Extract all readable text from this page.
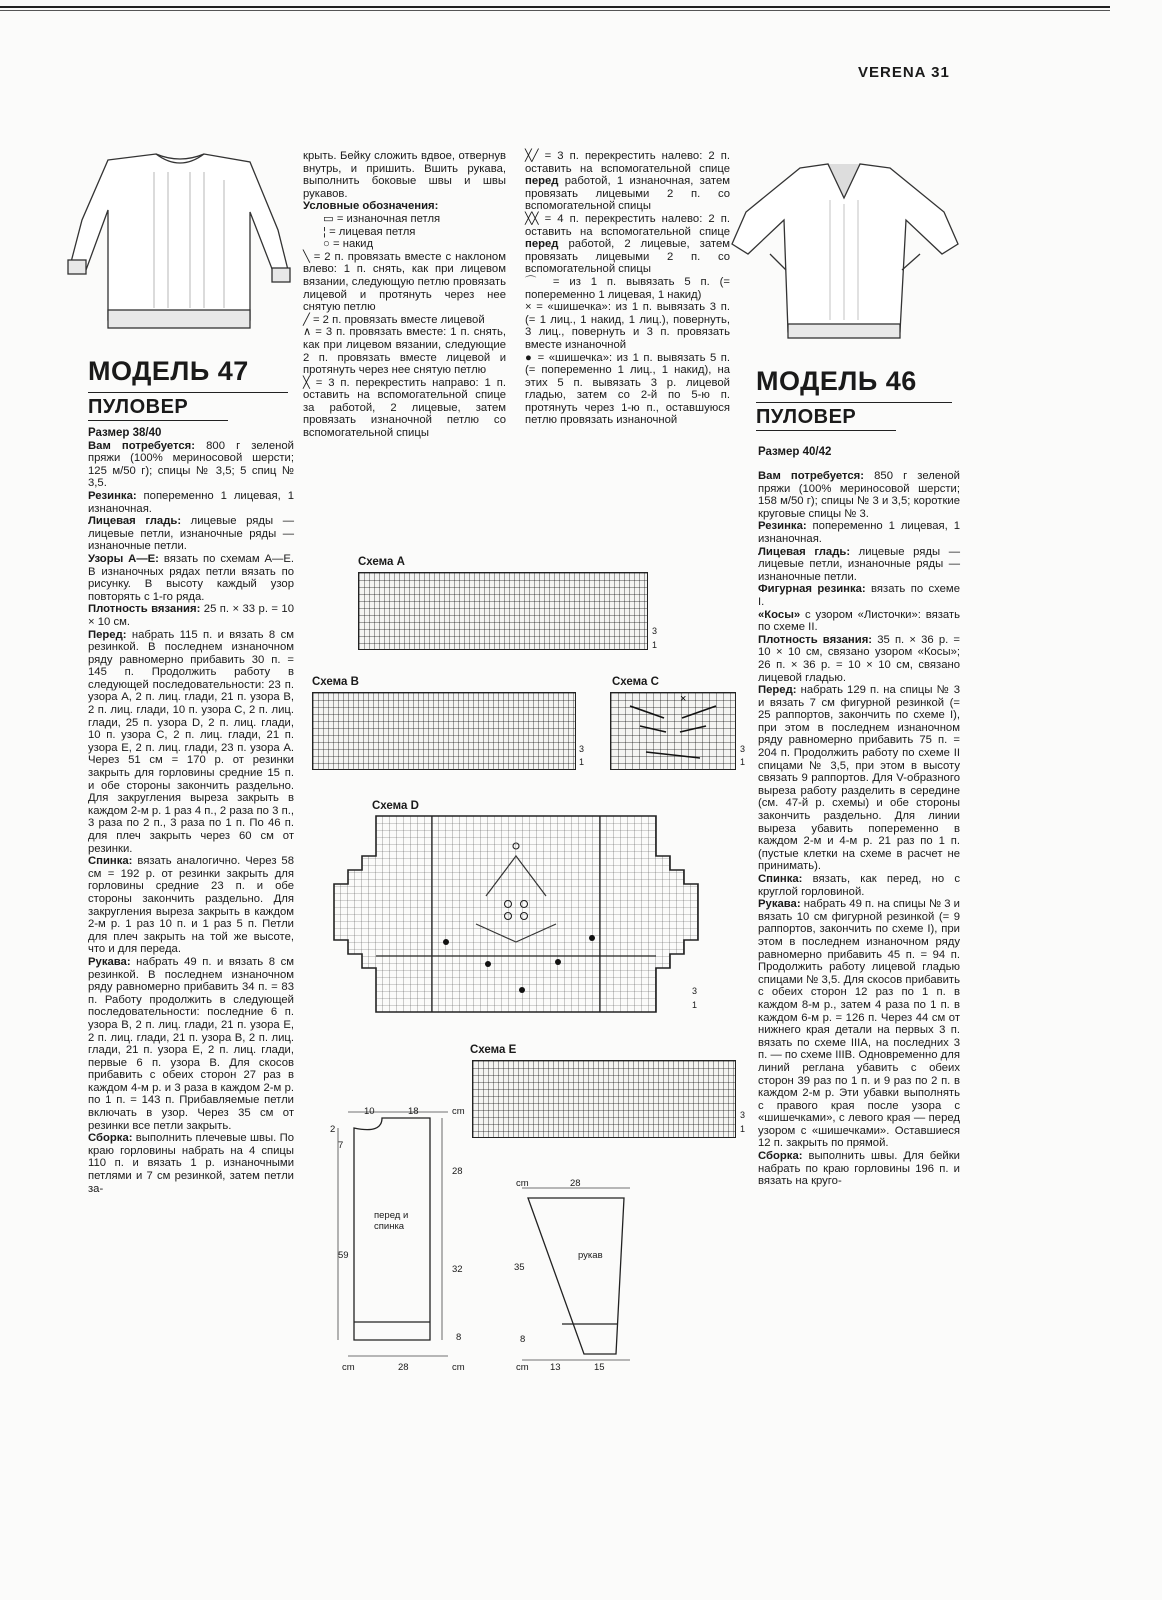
VERENA 31
МОДЕЛЬ 47
ПУЛОВЕР

Размер 38/40

Вам потребуется: 800 г зеленой пряжи (100% мериносовой шерсти; 125 м/50 г); спицы № 3,5; 5 спиц № 3,5.

Резинка: попеременно 1 лицевая, 1 изнаночная.

Лицевая гладь: лицевые ряды — лицевые петли, изнаночные ряды — изнаночные петли.

Узоры A—E: вязать по схемам A—E. В изнаночных рядах петли вязать по рисунку. В высоту каждый узор повторять с 1-го ряда.

Плотность вязания: 25 п. × 33 р. = 10 × 10 см.

Перед: набрать 115 п. и вязать 8 см резинкой. В последнем изнаночном ряду равномерно прибавить 30 п. = 145 п. Продолжить работу в следующей последовательности: 23 п. узора A, 2 п. лиц. глади, 21 п. узора B, 2 п. лиц. глади, 10 п. узора C, 2 п. лиц. глади, 25 п. узора D, 2 п. лиц. глади, 10 п. узора C, 2 п. лиц. глади, 21 п. узора E, 2 п. лиц. глади, 23 п. узора A. Через 51 см = 170 р. от резинки закрыть для горловины средние 15 п. и обе стороны закончить раздельно. Для закругления выреза закрыть в каждом 2-м р. 1 раз 4 п., 2 раза по 3 п., 3 раза по 2 п., 3 раза по 1 п. По 46 п. для плеч закрыть через 60 см от резинки.

Спинка: вязать аналогично. Через 58 см = 192 р. от резинки закрыть для горловины средние 23 п. и обе стороны закончить раздельно. Для закругления выреза закрыть в каждом 2-м р. 1 раз 10 п. и 1 раз 5 п. Петли для плеч закрыть на той же высоте, что и для переда.

Рукава: набрать 49 п. и вязать 8 см резинкой. В последнем изнаночном ряду равномерно прибавить 34 п. = 83 п. Работу продолжить в следующей последовательности: последние 6 п. узора B, 2 п. лиц. глади, 21 п. узора E, 2 п. лиц. глади, 21 п. узора B, 2 п. лиц. глади, 21 п. узора E, 2 п. лиц. глади, первые 6 п. узора B. Для скосов прибавить с обеих сторон 27 раз в каждом 4-м р. и 3 раза в каждом 2-м р. по 1 п. = 143 п. Прибавляемые петли включать в узор. Через 35 см от резинки все петли закрыть.

Сборка: выполнить плечевые швы. По краю горловины набрать на 4 спицы 110 п. и вязать 1 р. изнаночными петлями и 7 см резинкой, затем петли за-

крыть. Бейку сложить вдвое, отвернув внутрь, и пришить. Вшить рукава, выполнить боковые швы и швы рукавов.

Условные обозначения:

▭ = изнаночная петля

¦ = лицевая петля

○ = накид

╲ = 2 п. провязать вместе с наклоном влево: 1 п. снять, как при лицевом вязании, следующую петлю провязать лицевой и протянуть через нее снятую петлю

╱ = 2 п. провязать вместе лицевой

∧ = 3 п. провязать вместе: 1 п. снять, как при лицевом вязании, следующие 2 п. провязать вместе лицевой и протянуть через нее снятую петлю

╳ = 3 п. перекрестить направо: 1 п. оставить на вспомогательной спице за работой, 2 лицевые, затем провязать изнаночной петлю со вспомогательной спицы

╳╱ = 3 п. перекрестить налево: 2 п. оставить на вспомогательной спице перед работой, 1 изнаночная, затем провязать лицевыми 2 п. со вспомогательной спицы

╳╳ = 4 п. перекрестить налево: 2 п. оставить на вспомогательной спице перед работой, 2 лицевые, затем провязать лицевыми 2 п. со вспомогательной спицы

⌒ = из 1 п. вывязать 5 п. (= попеременно 1 лицевая, 1 накид)

× = «шишечка»: из 1 п. вывязать 3 п. (= 1 лиц., 1 накид, 1 лиц.), повернуть, 3 лиц., повернуть и 3 п. провязать вместе изнаночной

● = «шишечка»: из 1 п. вывязать 5 п. (= попеременно 1 лиц., 1 накид), на этих 5 п. вывязать 3 р. лицевой гладью, затем со 2-й по 5-ю п. протянуть через 1-ю п., оставшуюся петлю провязать изнаночной

МОДЕЛЬ 46
ПУЛОВЕР
Размер 40/42

Вам потребуется: 850 г зеленой пряжи (100% мериносовой шерсти; 158 м/50 г); спицы № 3 и 3,5; короткие круговые спицы № 3.

Резинка: попеременно 1 лицевая, 1 изнаночная.

Лицевая гладь: лицевые ряды — лицевые петли, изнаночные ряды — изнаночные петли.

Фигурная резинка: вязать по схеме I.

«Косы» с узором «Листочки»: вязать по схеме II.

Плотность вязания: 35 п. × 36 р. = 10 × 10 см, связано узором «Косы»; 26 п. × 36 р. = 10 × 10 см, связано лицевой гладью.

Перед: набрать 129 п. на спицы № 3 и вязать 7 см фигурной резинкой (= 25 раппортов, закончить по схеме I), при этом в последнем изнаночном ряду равномерно прибавить 75 п. = 204 п. Продолжить работу по схеме II спицами № 3,5, при этом в высоту связать 9 раппортов. Для V-образного выреза работу разделить в середине (см. 47-й р. схемы) и обе стороны закончить раздельно. Для линии выреза убавить попеременно в каждом 2-м и 4-м р. 21 раз по 1 п. (пустые клетки на схеме в расчет не принимать).

Спинка: вязать, как перед, но с круглой горловиной.

Рукава: набрать 49 п. на спицы № 3 и вязать 10 см фигурной резинкой (= 9 раппортов, закончить по схеме I), при этом в последнем изнаночном ряду равномерно прибавить 45 п. = 94 п. Продолжить работу лицевой гладью спицами № 3,5. Для скосов прибавить с обеих сторон 12 раз по 1 п. в каждом 8-м р., затем 4 раза по 1 п. в каждом 6-м р. = 126 п. Через 44 см от нижнего края детали на первых 3 п. вязать по схеме IIIA, на последних 3 п. — по схеме IIIB. Одновременно для линий реглана убавить с обеих сторон 39 раз по 1 п. и 9 раз по 2 п. в каждом 2-м р. Эти убавки выполнять с правого края после узора с «шишечками», с левого края — перед узором с «шишечками». Оставшиеся 12 п. закрыть по прямой.

Сборка: выполнить швы. Для бейки набрать по краю горловины 196 п. и вязать на круго-

Схема A
3
1
Схема B
3
1
Схема C
×
3
1
Схема D
3
1
Схема E
3
1
10	18	cm
2
7
28
перед и спинка
59
32
8
cm	28	cm
cm	28
35
рукав
8
cm 13	15
